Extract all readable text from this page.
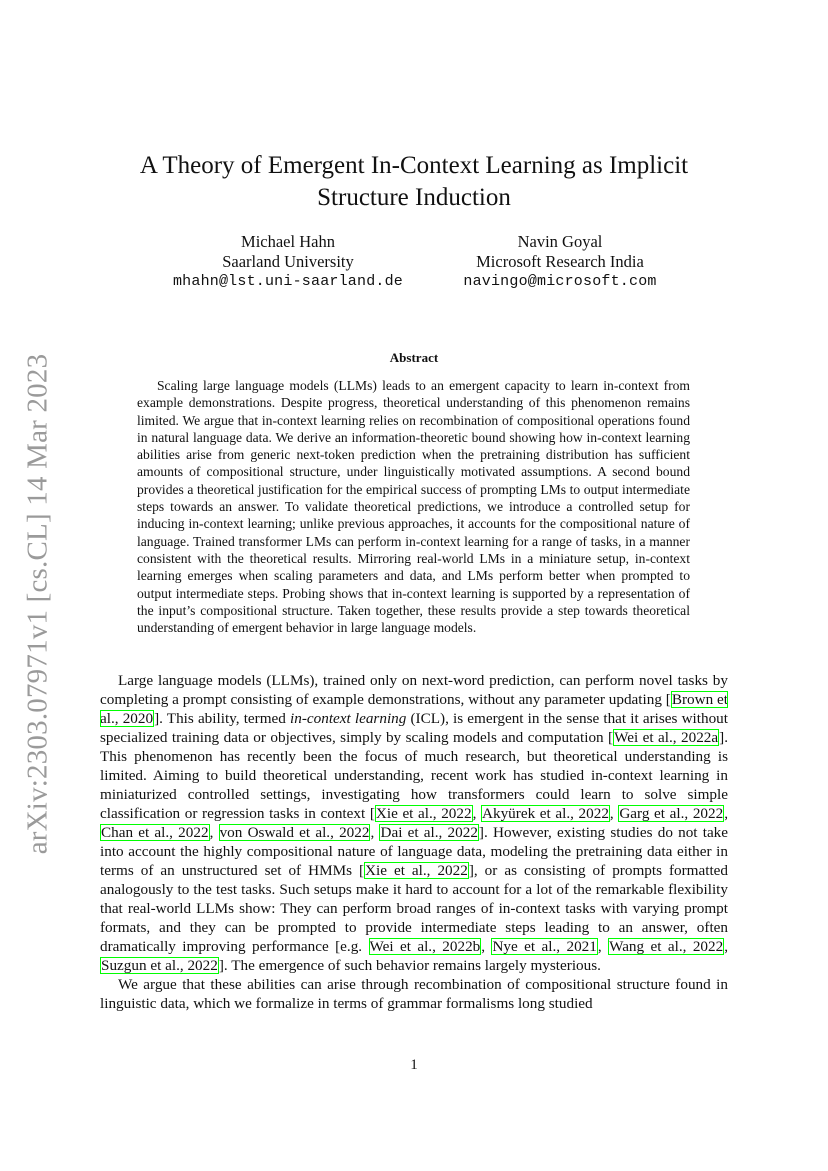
arXiv:2303.07971v1 [cs.CL] 14 Mar 2023
A Theory of Emergent In-Context Learning as Implicit
Structure Induction
Michael Hahn
Saarland University
mhahn@lst.uni-saarland.de
Navin Goyal
Microsoft Research India
navingo@microsoft.com
Abstract

Scaling large language models (LLMs) leads to an emergent capacity to learn in-context from example demonstrations. Despite progress, theoretical understanding of this phenomenon remains limited. We argue that in-context learning relies on recombination of compositional operations found in natural language data. We derive an information-theoretic bound showing how in-context learning abilities arise from generic next-token prediction when the pretraining distribution has sufficient amounts of compositional structure, under linguistically motivated assumptions. A second bound provides a theoretical justification for the empirical success of prompting LMs to output intermediate steps towards an answer. To validate theoretical predictions, we introduce a controlled setup for inducing in-context learning; unlike previous approaches, it accounts for the compositional nature of language. Trained transformer LMs can perform in-context learning for a range of tasks, in a manner consistent with the theoretical results. Mirroring real-world LMs in a miniature setup, in-context learning emerges when scaling parameters and data, and LMs perform better when prompted to output intermediate steps. Probing shows that in-context learning is supported by a representation of the input’s compositional structure. Taken together, these results provide a step towards theoretical understanding of emergent behavior in large language models.

Large language models (LLMs), trained only on next-word prediction, can perform novel tasks by completing a prompt consisting of example demonstrations, without any parameter updating [Brown et al., 2020]. This ability, termed in-context learning (ICL), is emergent in the sense that it arises without specialized training data or objectives, simply by scaling models and computation [Wei et al., 2022a]. This phenomenon has recently been the focus of much research, but theoretical understanding is limited. Aiming to build theoretical understanding, recent work has studied in-context learning in miniaturized controlled settings, investigating how transformers could learn to solve simple classification or regression tasks in context [Xie et al., 2022, Akyürek et al., 2022, Garg et al., 2022, Chan et al., 2022, von Oswald et al., 2022, Dai et al., 2022]. However, existing studies do not take into account the highly compositional nature of language data, modeling the pretraining data either in terms of an unstructured set of HMMs [Xie et al., 2022], or as consisting of prompts formatted analogously to the test tasks. Such setups make it hard to account for a lot of the remarkable flexibility that real-world LLMs show: They can perform broad ranges of in-context tasks with varying prompt formats, and they can be prompted to provide intermediate steps leading to an answer, often dramatically improving performance [e.g. Wei et al., 2022b, Nye et al., 2021, Wang et al., 2022, Suzgun et al., 2022]. The emergence of such behavior remains largely mysterious.

We argue that these abilities can arise through recombination of compositional structure found in linguistic data, which we formalize in terms of grammar formalisms long studied

1
